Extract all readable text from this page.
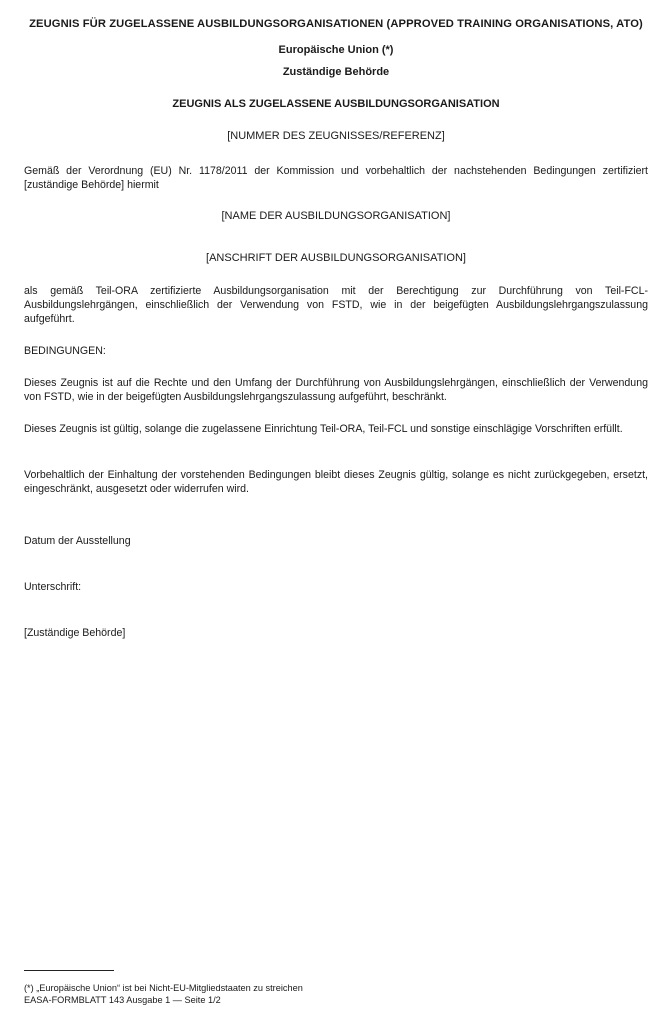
ZEUGNIS FÜR ZUGELASSENE AUSBILDUNGSORGANISATIONEN (APPROVED TRAINING ORGANISATIONS, ATO)
Europäische Union (*)
Zuständige Behörde
ZEUGNIS ALS ZUGELASSENE AUSBILDUNGSORGANISATION
[NUMMER DES ZEUGNISSES/REFERENZ]

Gemäß der Verordnung (EU) Nr. 1178/2011 der Kommission und vorbehaltlich der nachstehenden Bedingungen zertifiziert [zuständige Behörde] hiermit

[NAME DER AUSBILDUNGSORGANISATION]
[ANSCHRIFT DER AUSBILDUNGSORGANISATION]

als gemäß Teil-ORA zertifizierte Ausbildungsorganisation mit der Berechtigung zur Durchführung von Teil-FCL-Ausbildungslehrgängen, einschließlich der Verwendung von FSTD, wie in der beigefügten Ausbildungslehrgangszulassung aufgeführt.

BEDINGUNGEN:

Dieses Zeugnis ist auf die Rechte und den Umfang der Durchführung von Ausbildungslehrgängen, einschließlich der Verwendung von FSTD, wie in der beigefügten Ausbildungslehrgangszulassung aufgeführt, beschränkt.

Dieses Zeugnis ist gültig, solange die zugelassene Einrichtung Teil-ORA, Teil-FCL und sonstige einschlägige Vorschriften erfüllt.

Vorbehaltlich der Einhaltung der vorstehenden Bedingungen bleibt dieses Zeugnis gültig, solange es nicht zurückgegeben, ersetzt, eingeschränkt, ausgesetzt oder widerrufen wird.

Datum der Ausstellung

Unterschrift:

[Zuständige Behörde]

(*) „Europäische Union“ ist bei Nicht-EU-Mitgliedstaaten zu streichen
EASA-FORMBLATT 143 Ausgabe 1 — Seite 1/2
